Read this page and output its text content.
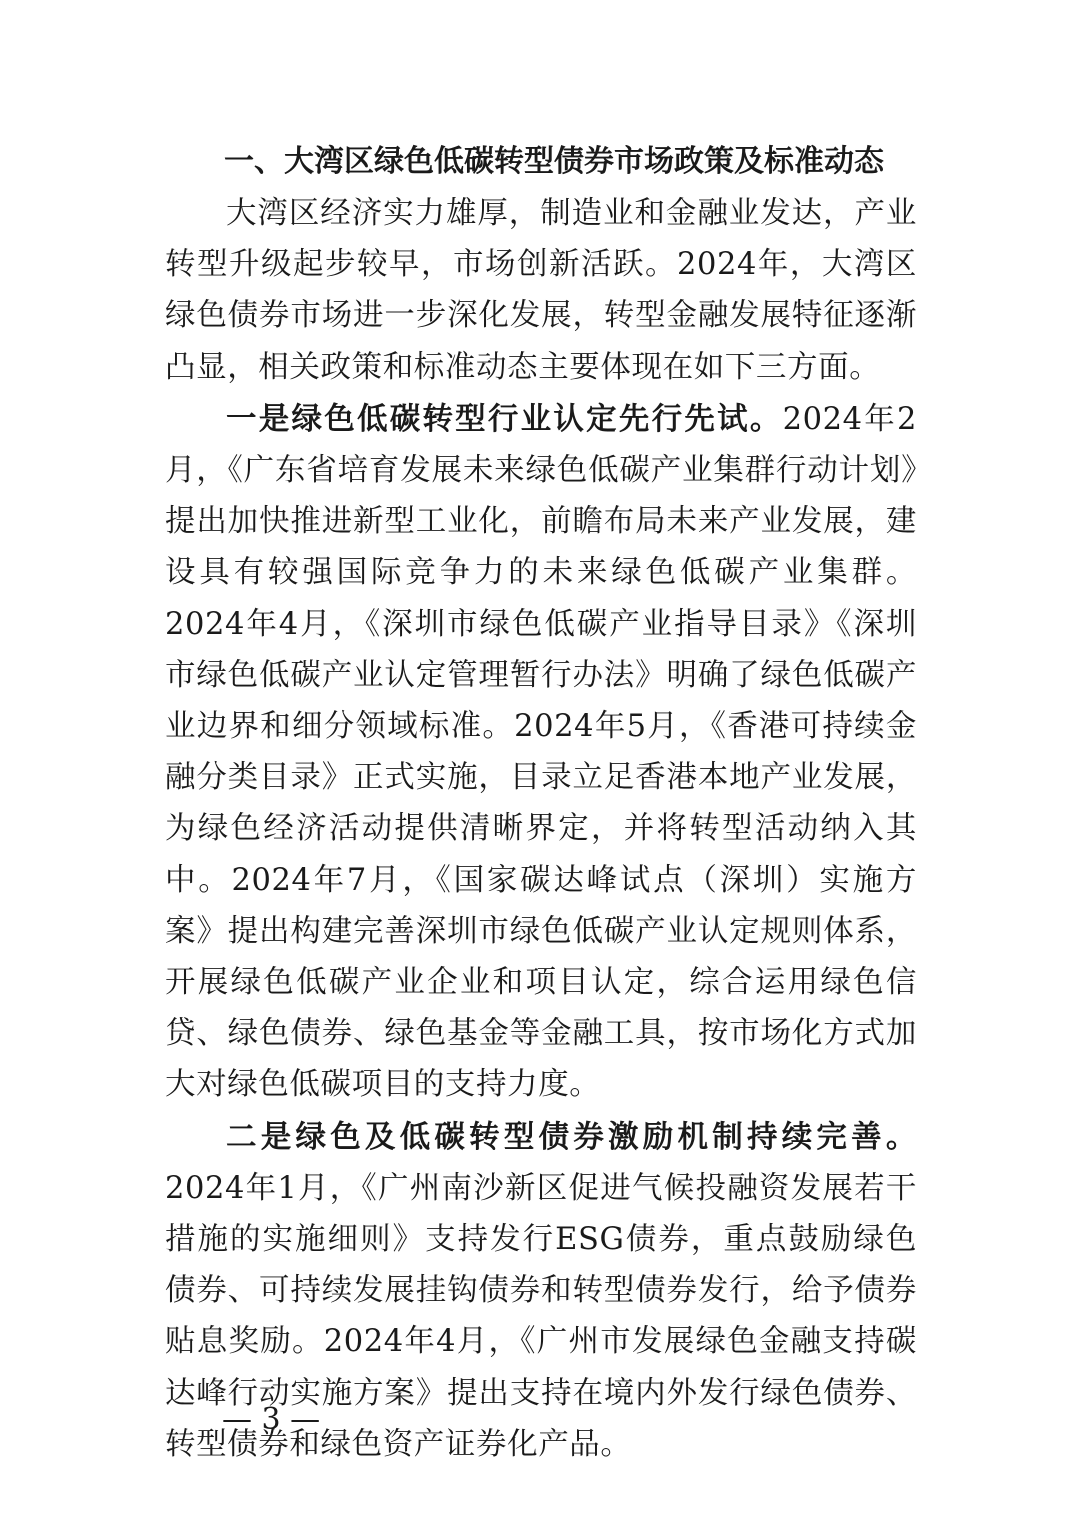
一、大湾区绿色低碳转型债券市场政策及标准动态

大湾区经济实力雄厚，制造业和金融业发达，产业转型升级起步较早，市场创新活跃。2024年，大湾区绿色债券市场进一步深化发展，转型金融发展特征逐渐凸显，相关政策和标准动态主要体现在如下三方面。

一是绿色低碳转型行业认定先行先试。2024年2月，《广东省培育发展未来绿色低碳产业集群行动计划》提出加快推进新型工业化，前瞻布局未来产业发展，建设具有较强国际竞争力的未来绿色低碳产业集群。2024年4月，《深圳市绿色低碳产业指导目录》《深圳市绿色低碳产业认定管理暂行办法》明确了绿色低碳产业边界和细分领域标准。2024年5月，《香港可持续金融分类目录》正式实施，目录立足香港本地产业发展，为绿色经济活动提供清晰界定，并将转型活动纳入其中。2024年7月，《国家碳达峰试点（深圳）实施方案》提出构建完善深圳市绿色低碳产业认定规则体系，开展绿色低碳产业企业和项目认定，综合运用绿色信贷、绿色债券、绿色基金等金融工具，按市场化方式加大对绿色低碳项目的支持力度。

二是绿色及低碳转型债券激励机制持续完善。2024年1月，《广州南沙新区促进气候投融资发展若干措施的实施细则》支持发行ESG债券，重点鼓励绿色债券、可持续发展挂钩债券和转型债券发行，给予债券贴息奖励。2024年4月，《广州市发展绿色金融支持碳达峰行动实施方案》提出支持在境内外发行绿色债券、转型债券和绿色资产证券化产品。

— 3 —
